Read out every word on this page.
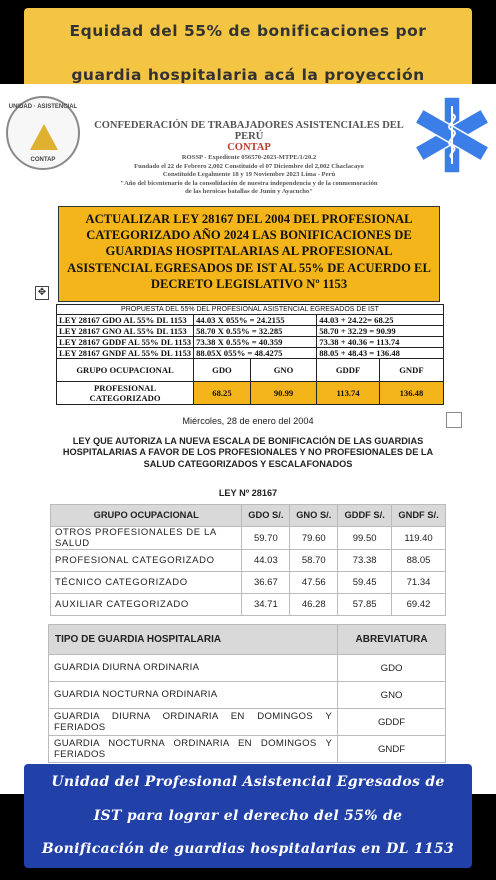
Equidad del 55% de bonificaciones por
guardia hospitalaria acá la proyección
UNIDAD · ASISTENCIAL
CONTAP
CONFEDERACIÓN DE TRABAJADORES ASISTENCIALES DEL PERÚ
CONTAP
ROSSP - Expediente 056570-2023-MTPE/1/20.2
Fundado el 22 de Febrero 2,002 Constituido el 07 Diciembre del 2,002 Chaclacayo
Constituido Legalmente 18 y 19 Noviembre 2023 Lima - Perú
"Año del bicentenario de la consolidación de nuestra independencia y de la conmemoración
de las heroicas batallas de Junín y Ayacucho"
ACTUALIZAR LEY 28167 DEL 2004 DEL PROFESIONAL CATEGORIZADO AÑO 2024 LAS BONIFICACIONES DE GUARDIAS HOSPITALARIAS AL PROFESIONAL ASISTENCIAL EGRESADOS DE IST AL 55% DE ACUERDO EL DECRETO LEGISLATIVO Nº 1153
✥
PROPUESTA DEL 55% DEL PROFESIONAL ASISTENCIAL EGRESADOS DE IST				
LEY 28167 GDO AL 55% DL 1153	44.03 X 055% = 24.2155		44.03 + 24.22= 68.25	
LEY 28167 GNO AL 55% DL 1153	58.70 X 0.55% = 32.285		58.70 + 32.29 = 90.99	
LEY 28167 GDDF AL 55% DL 1153	73.38 X 0.55% = 40.359		73.38 + 40.36 = 113.74	
LEY 28167 GNDF AL 55% DL 1153	88.05X 055% = 48.4275		88.05 + 48.43 = 136.48	
GRUPO OCUPACIONAL	GDO	GNO	GDDF	GNDF
PROFESIONAL CATEGORIZADO	68.25	90.99	113.74	136.48
Miércoles, 28 de enero del 2004
LEY QUE AUTORIZA LA NUEVA ESCALA DE BONIFICACIÓN DE LAS GUARDIAS HOSPITALARIAS A FAVOR DE LOS PROFESIONALES Y NO PROFESIONALES DE LA SALUD CATEGORIZADOS Y ESCALAFONADOS
LEY Nº 28167
GRUPO OCUPACIONAL	GDO S/.	GNO S/.	GDDF S/.	GNDF S/.
OTROS PROFESIONALES DE LA SALUD	59.70	79.60	99.50	119.40
PROFESIONAL CATEGORIZADO	44.03	58.70	73.38	88.05
TÉCNICO CATEGORIZADO	36.67	47.56	59.45	71.34
AUXILIAR CATEGORIZADO	34.71	46.28	57.85	69.42
TIPO DE GUARDIA HOSPITALARIA	ABREVIATURA
GUARDIA DIURNA ORDINARIA	GDO
GUARDIA NOCTURNA ORDINARIA	GNO
GUARDIA DIURNA ORDINARIA EN DOMINGOS Y FERIADOS	GDDF
GUARDIA NOCTURNA ORDINARIA EN DOMINGOS Y FERIADOS	GNDF
Unidad del Profesional Asistencial Egresados de
IST para lograr el derecho del 55% de
Bonificación de guardias hospitalarias en DL 1153
